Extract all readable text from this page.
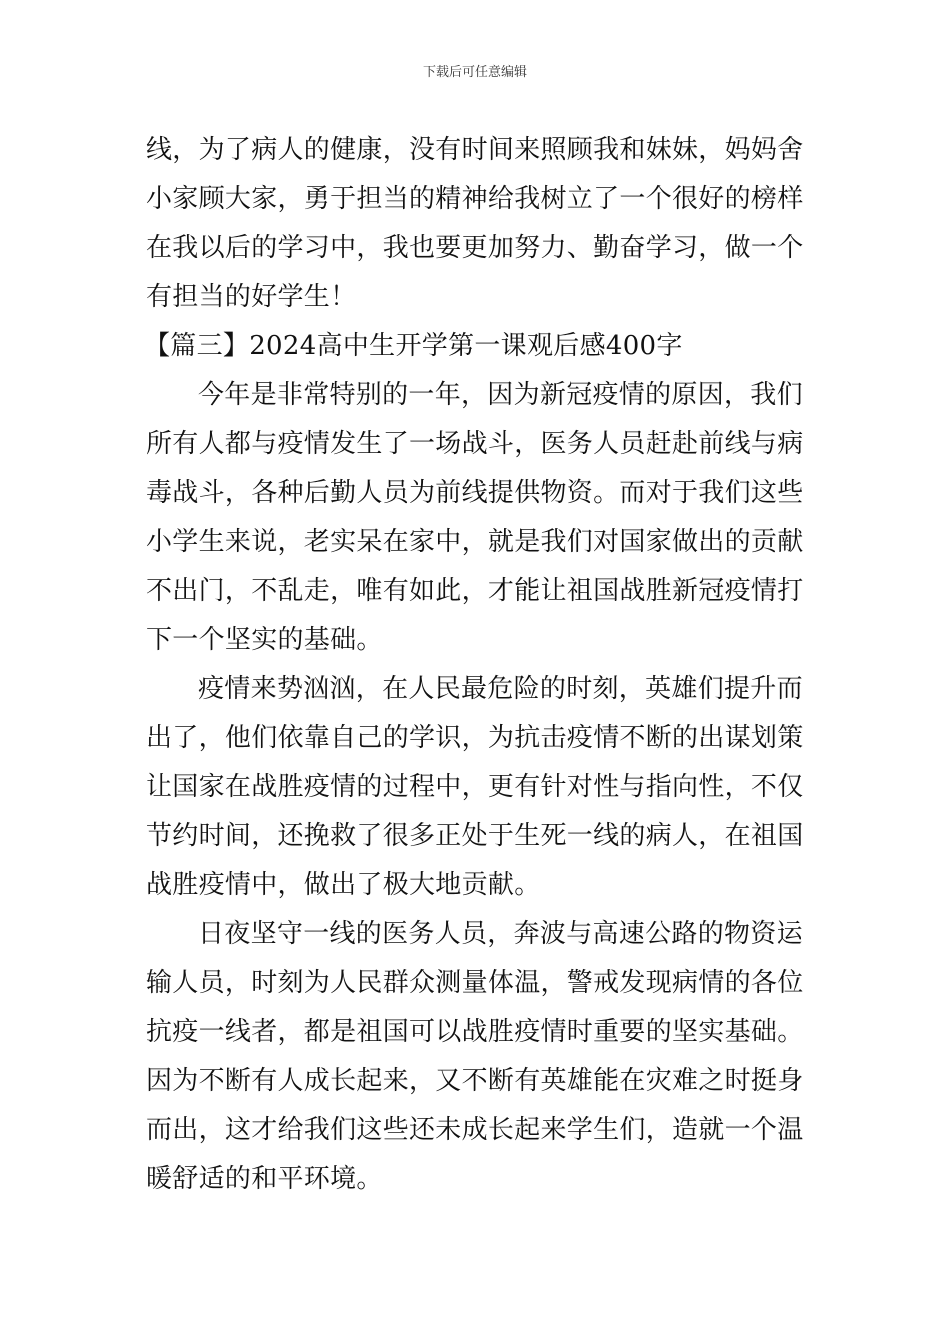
下载后可任意编辑
线，为了病人的健康，没有时间来照顾我和妹妹，妈妈舍
小家顾大家，勇于担当的精神给我树立了一个很好的榜样
在我以后的学习中，我也要更加努力、勤奋学习，做一个
有担当的好学生！
【篇三】2024高中生开学第一课观后感400字
今年是非常特别的一年，因为新冠疫情的原因，我们
所有人都与疫情发生了一场战斗，医务人员赶赴前线与病
毒战斗，各种后勤人员为前线提供物资。而对于我们这些
小学生来说，老实呆在家中，就是我们对国家做出的贡献
不出门，不乱走，唯有如此，才能让祖国战胜新冠疫情打
下一个坚实的基础。
疫情来势汹汹，在人民最危险的时刻，英雄们提升而
出了，他们依靠自己的学识，为抗击疫情不断的出谋划策
让国家在战胜疫情的过程中，更有针对性与指向性，不仅
节约时间，还挽救了很多正处于生死一线的病人，在祖国
战胜疫情中，做出了极大地贡献。
日夜坚守一线的医务人员，奔波与高速公路的物资运
输人员，时刻为人民群众测量体温，警戒发现病情的各位
抗疫一线者，都是祖国可以战胜疫情时重要的坚实基础。
因为不断有人成长起来，又不断有英雄能在灾难之时挺身
而出，这才给我们这些还未成长起来学生们，造就一个温
暖舒适的和平环境。
